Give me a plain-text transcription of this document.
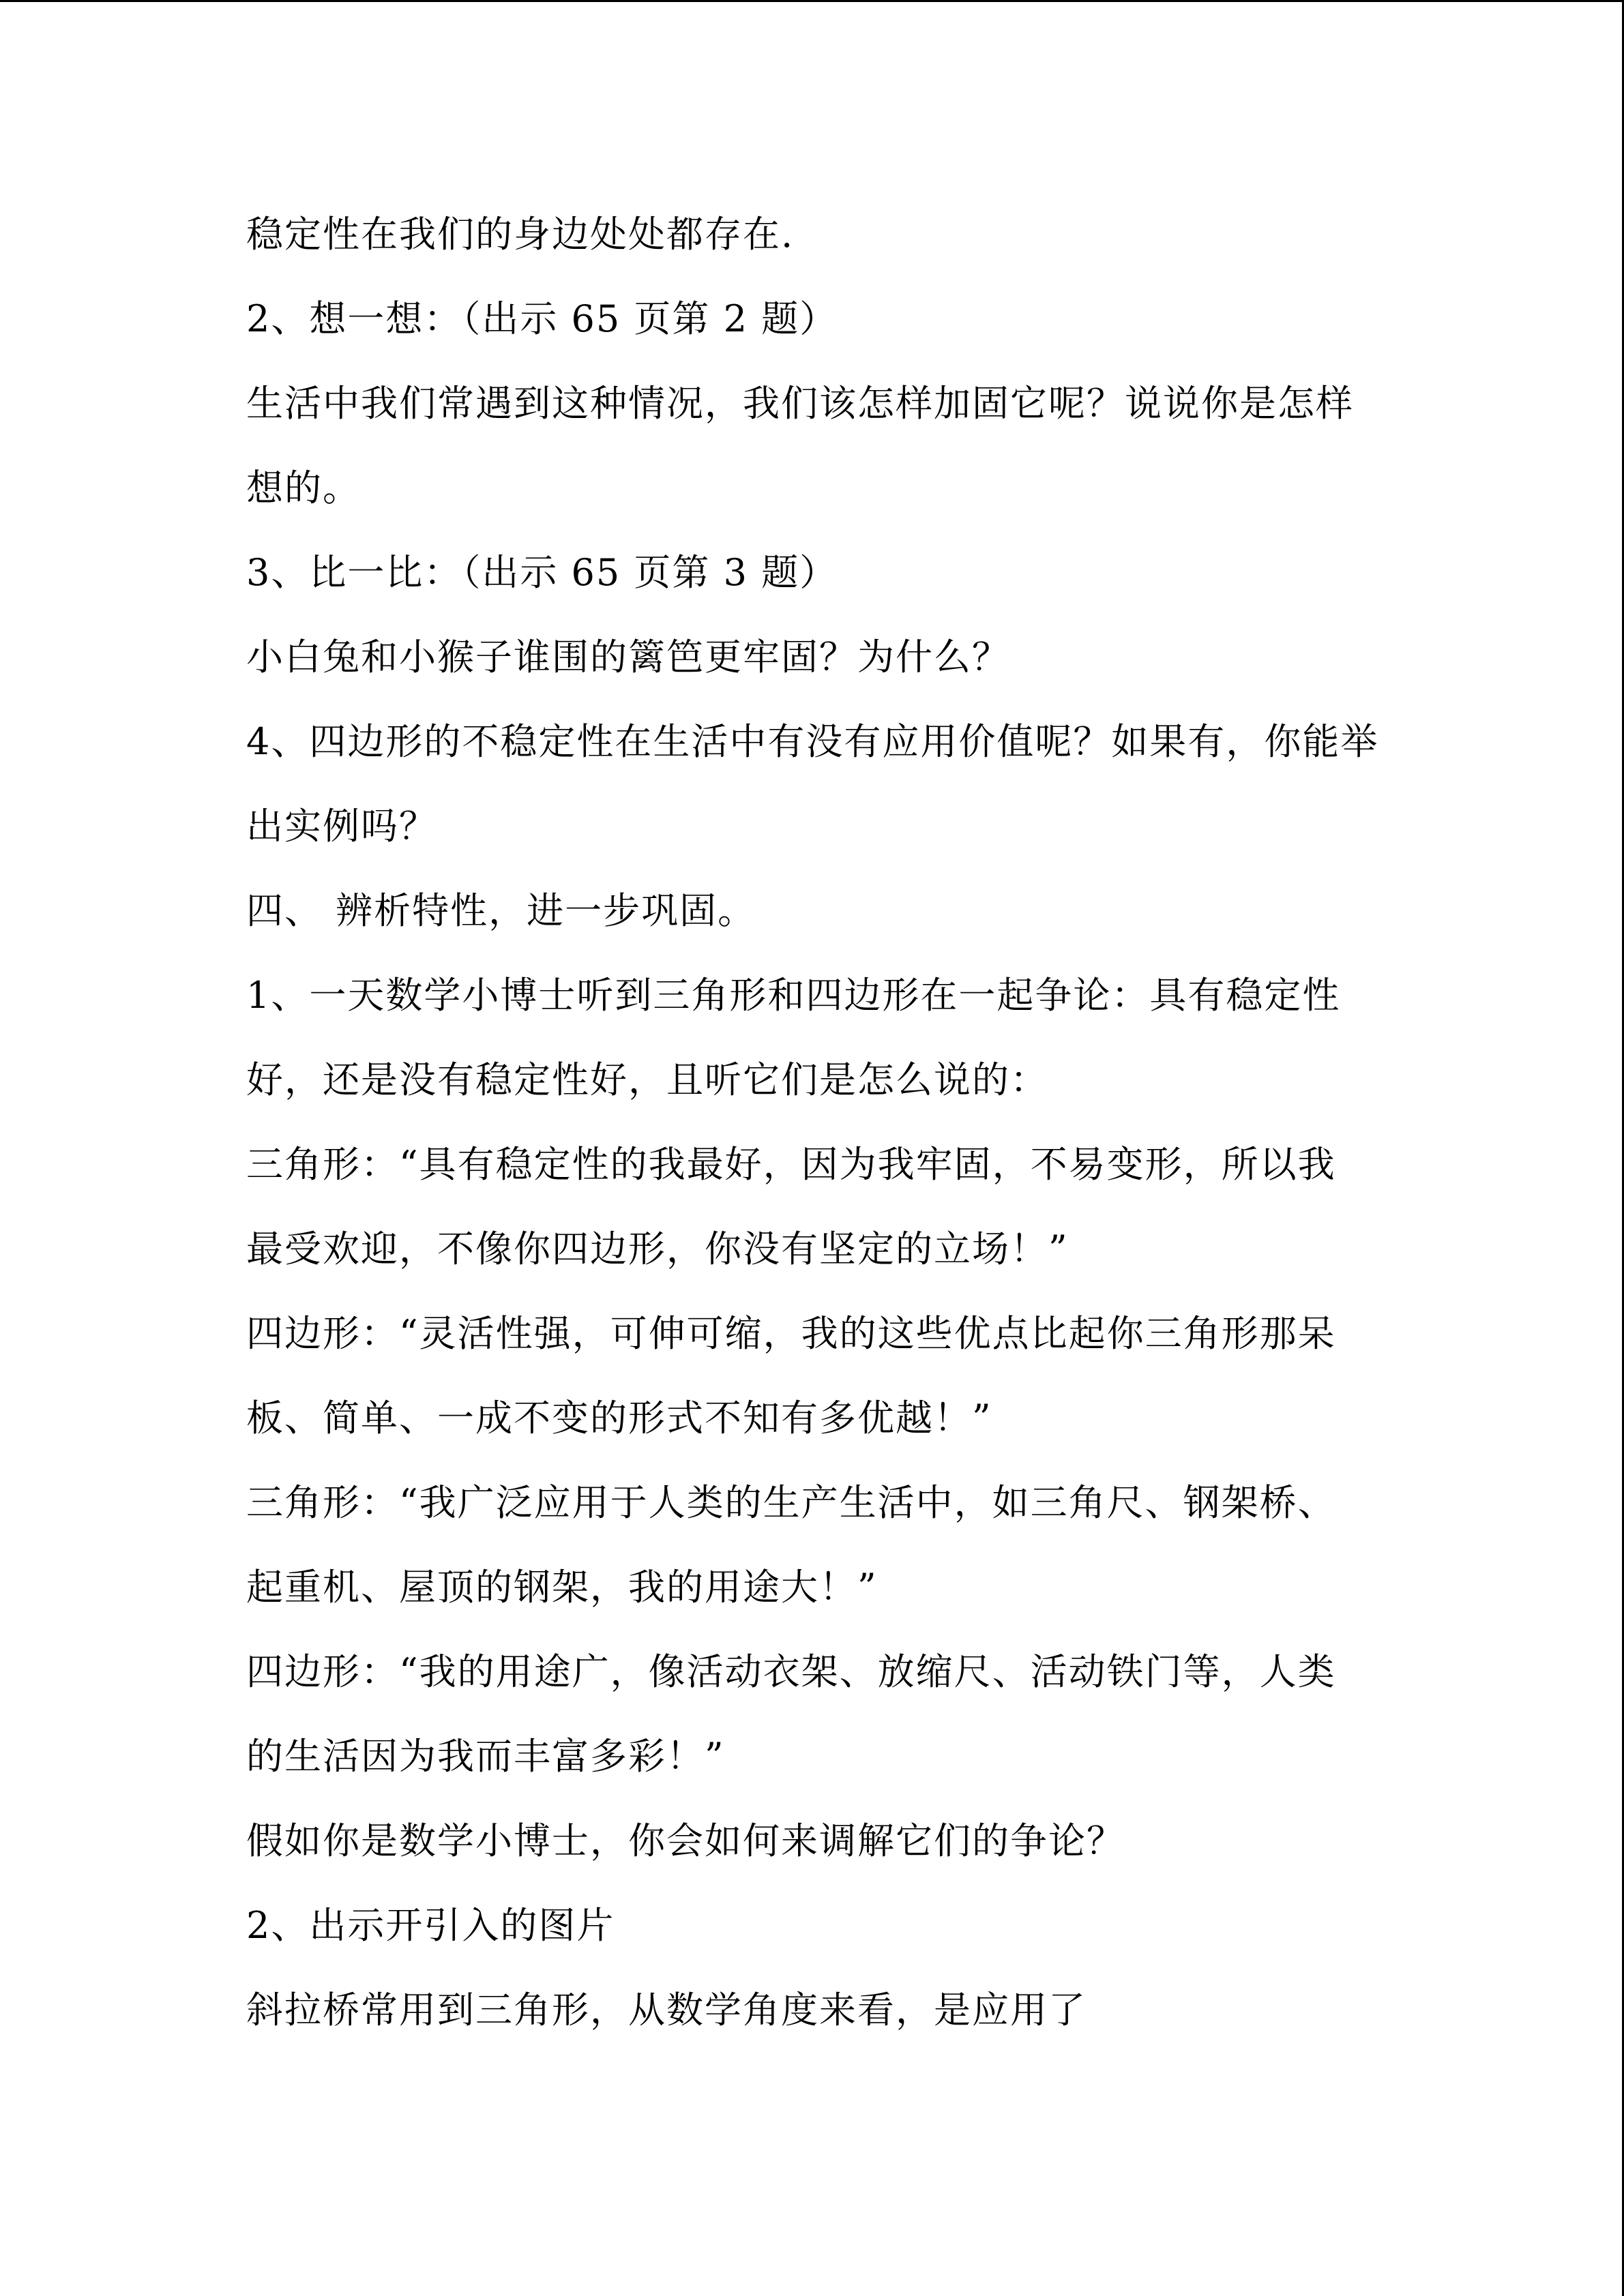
稳定性在我们的身边处处都存在.
2、想一想：（出示 65 页第 2 题）
生活中我们常遇到这种情况，我们该怎样加固它呢？说说你是怎样
想的。
3、比一比：（出示 65 页第 3 题）
小白兔和小猴子谁围的篱笆更牢固？为什么？
4、四边形的不稳定性在生活中有没有应用价值呢？如果有，你能举
出实例吗？
四、 辨析特性，进一步巩固。
1、一天数学小博士听到三角形和四边形在一起争论：具有稳定性
好，还是没有稳定性好，且听它们是怎么说的：
三角形：“具有稳定性的我最好，因为我牢固，不易变形，所以我
最受欢迎，不像你四边形，你没有坚定的立场！”
四边形：“灵活性强，可伸可缩，我的这些优点比起你三角形那呆
板、简单、一成不变的形式不知有多优越！”
三角形：“我广泛应用于人类的生产生活中，如三角尺、钢架桥、
起重机、屋顶的钢架，我的用途大！”
四边形：“我的用途广，像活动衣架、放缩尺、活动铁门等，人类
的生活因为我而丰富多彩！”
假如你是数学小博士，你会如何来调解它们的争论？
2、出示开引入的图片
斜拉桥常用到三角形，从数学角度来看，是应用了
